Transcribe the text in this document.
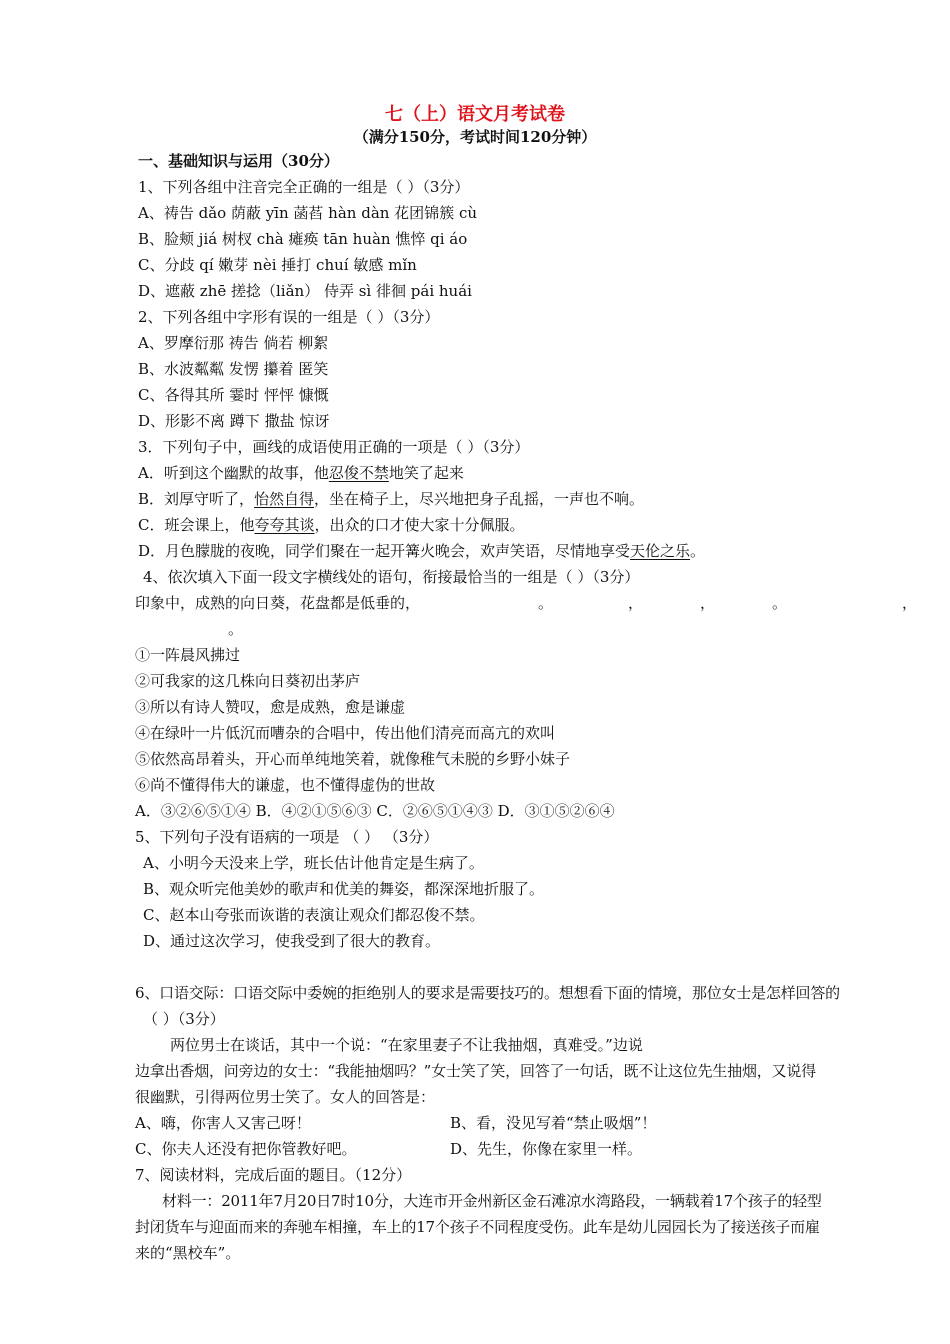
七（上）语文月考试卷
（满分150分，考试时间120分钟）
一、基础知识与运用（30分）
1、下列各组中注音完全正确的一组是（ ）（3分）
A、祷告 dǎo 荫蔽 yīn 菡萏 hàn dàn 花团锦簇 cù
B、脸颊 jiá 树杈 chà 瘫痪 tān huàn 憔悴 qi áo
C、分歧 qí 嫩芽 nèi 捶打 chuí 敏感 mǐn
D、遮蔽 zhē 搓捻（liǎn） 侍弄 sì 徘徊 pái huái
2、下列各组中字形有误的一组是（ ）（3分）
A、罗摩衍那 祷告 倘若 柳絮
B、水波粼粼 发愣 攥着 匿笑
C、各得其所 霎时 怦怦 慷慨
D、形影不离 蹲下 撒盐 惊讶
3．下列句子中，画线的成语使用正确的一项是（ ）（3分）
A．听到这个幽默的故事，他忍俊不禁地笑了起来
B．刘厚守听了，怡然自得，坐在椅子上，尽兴地把身子乱摇，一声也不响。
C．班会课上，他夸夸其谈，出众的口才使大家十分佩服。
D．月色朦胧的夜晚，同学们聚在一起开篝火晚会，欢声笑语，尽情地享受天伦之乐。
4、依次填入下面一段文字横线处的语句，衔接最恰当的一组是（ ）（3分）
印象中，成熟的向日葵，花盘都是低垂的，	。	，	，	。	，
。
①一阵晨风拂过
②可我家的这几株向日葵初出茅庐
③所以有诗人赞叹，愈是成熟，愈是谦虚
④在绿叶一片低沉而嘈杂的合唱中，传出他们清亮而高亢的欢叫
⑤依然高昂着头，开心而单纯地笑着，就像稚气未脱的乡野小妹子
⑥尚不懂得伟大的谦虚，也不懂得虚伪的世故
A．③②⑥⑤①④ B．④②①⑤⑥③ C．②⑥⑤①④③ D．③①⑤②⑥④
5、下列句子没有语病的一项是 （ ） （3分）
A、小明今天没来上学，班长估计他肯定是生病了。
B、观众听完他美妙的歌声和优美的舞姿，都深深地折服了。
C、赵本山夸张而诙谐的表演让观众们都忍俊不禁。
D、通过这次学习，使我受到了很大的教育。
6、口语交际：口语交际中委婉的拒绝别人的要求是需要技巧的。想想看下面的情境，那位女士是怎样回答的
（ ）（3分）
两位男士在谈话，其中一个说：“在家里妻子不让我抽烟，真难受。”边说
边拿出香烟，问旁边的女士：“我能抽烟吗？”女士笑了笑，回答了一句话，既不让这位先生抽烟，又说得
很幽默，引得两位男士笑了。女人的回答是：
A、嗨，你害人又害己呀！	B、看，没见写着“禁止吸烟”！
C、你夫人还没有把你管教好吧。	D、先生，你像在家里一样。
7、阅读材料，完成后面的题目。（12分）
材料一：2011年7月20日7时10分，大连市开金州新区金石滩凉水湾路段，一辆载着17个孩子的轻型
封闭货车与迎面而来的奔驰车相撞，车上的17个孩子不同程度受伤。此车是幼儿园园长为了接送孩子而雇
来的“黑校车”。
